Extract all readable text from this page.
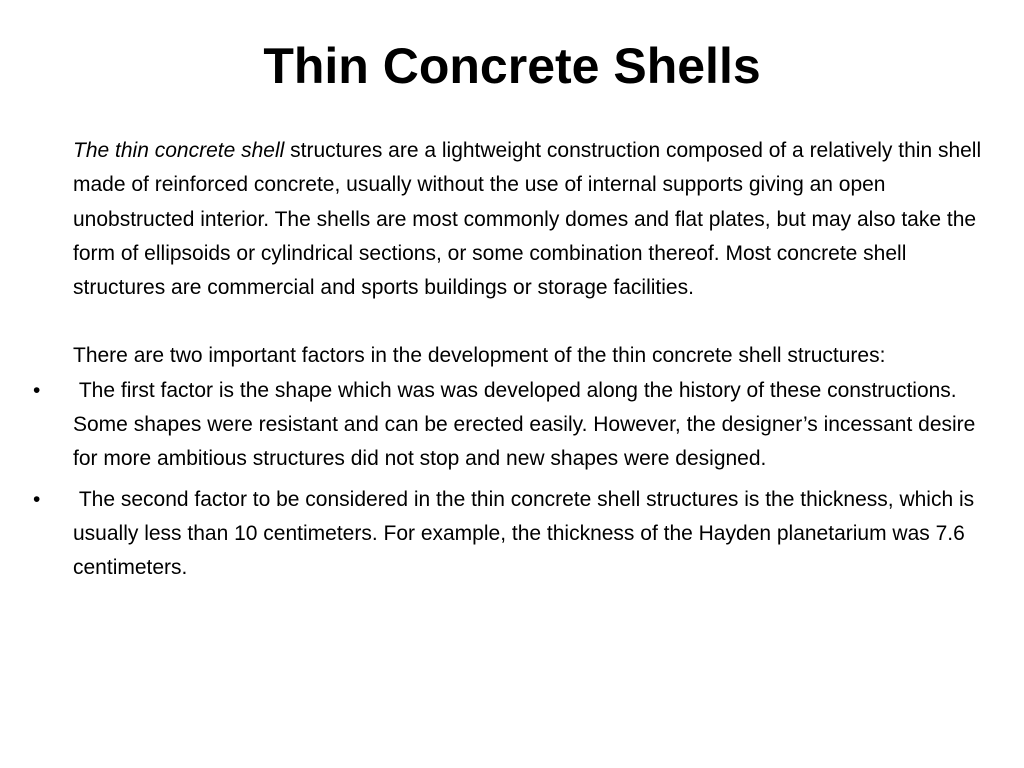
Thin Concrete Shells

The thin concrete shell structures are a lightweight construction composed of a relatively thin shell made of reinforced concrete, usually without the use of internal supports giving an open unobstructed interior. The shells are most commonly domes and flat plates, but may also take the form of ellipsoids or cylindrical sections, or some combination thereof. Most concrete shell structures are commercial and sports buildings or storage facilities.

There are two important factors in the development of the thin concrete shell structures:

•	The first factor is the shape which was was developed along the history of these constructions. Some shapes were resistant and can be erected easily. However, the designer’s incessant desire for more ambitious structures did not stop and new shapes were designed.
•	The second factor to be considered in the thin concrete shell structures is the thickness, which is usually less than 10 centimeters. For example, the thickness of the Hayden planetarium was 7.6 centimeters.
